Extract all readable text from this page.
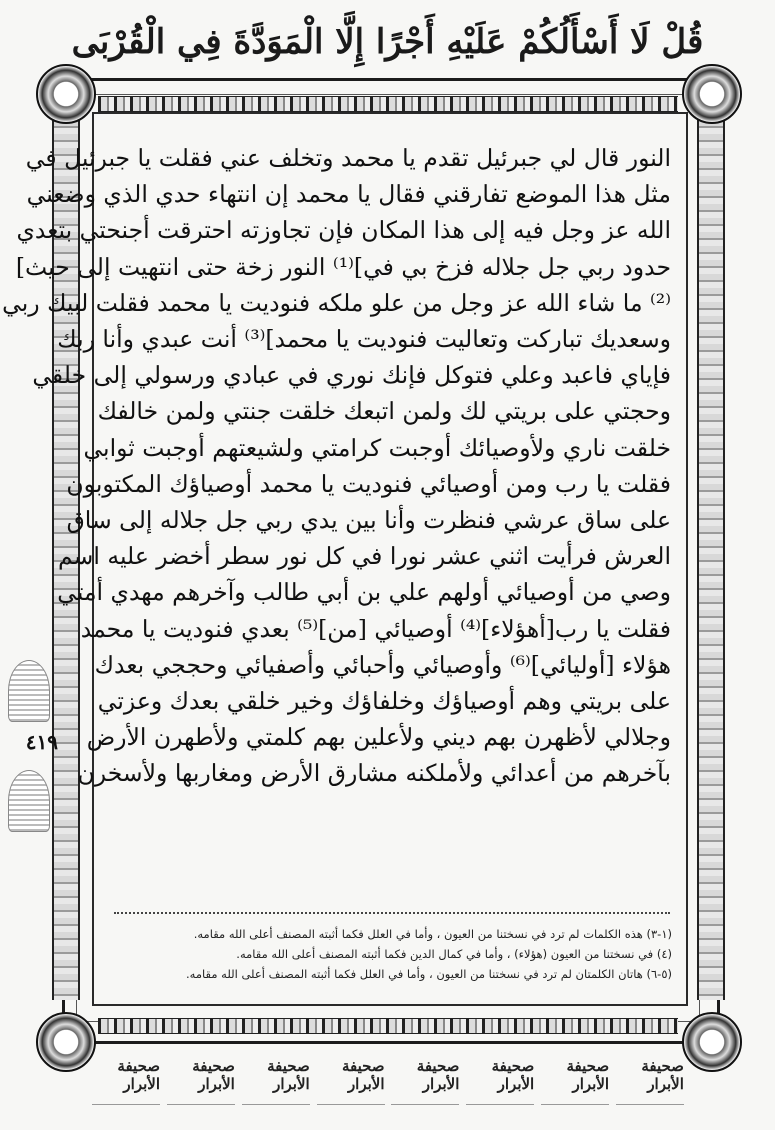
قُلْ لَا أَسْأَلُكُمْ عَلَيْهِ أَجْرًا إِلَّا الْمَوَدَّةَ فِي الْقُرْبَى
٤١٩
النور قال لي جبرئيل تقدم يا محمد وتخلف عني فقلت يا جبرئيل في
مثل هذا الموضع تفارقني فقال يا محمد إن انتهاء حدي الذي وضعني
الله عز وجل فيه إلى هذا المكان فإن تجاوزته احترقت أجنحتي بتعدي
حدود ربي جل جلاله فزخ بي في]⁽¹⁾ النور زخة حتى انتهيت إلى حيث]
⁽²⁾ ما شاء الله عز وجل من علو ملكه فنوديت يا محمد فقلت لبيك ربي
وسعديك تباركت وتعاليت فنوديت يا محمد]⁽³⁾ أنت عبدي وأنا ربك
فإياي فاعبد وعلي فتوكل فإنك نوري في عبادي ورسولي إلى خلقي
وحجتي على بريتي لك ولمن اتبعك خلقت جنتي ولمن خالفك
خلقت ناري ولأوصيائك أوجبت كرامتي ولشيعتهم أوجبت ثوابي
فقلت يا رب ومن أوصيائي فنوديت يا محمد أوصياؤك المكتوبون
على ساق عرشي فنظرت وأنا بين يدي ربي جل جلاله إلى ساق
العرش فرأيت اثني عشر نورا في كل نور سطر أخضر عليه اسم
وصي من أوصيائي أولهم علي بن أبي طالب وآخرهم مهدي أمتي
فقلت يا رب[أهؤلاء]⁽⁴⁾ أوصيائي [من]⁽⁵⁾ بعدي فنوديت يا محمد
هؤلاء [أوليائي]⁽⁶⁾ وأوصيائي وأحبائي وأصفيائي وحججي بعدك
على بريتي وهم أوصياؤك وخلفاؤك وخير خلقي بعدك وعزتي
وجلالي لأظهرن بهم ديني ولأعلين بهم كلمتي ولأطهرن الأرض
بآخرهم من أعدائي ولأملكنه مشارق الأرض ومغاربها ولأسخرن
(١-٣) هذه الكلمات لم ترد في نسختنا من العيون ، وأما في العلل فكما أثبته المصنف أعلى الله مقامه.
(٤) في نسختنا من العيون (هؤلاء) ، وأما في كمال الدين فكما أثبته المصنف أعلى الله مقامه.
(٥-٦) هاتان الكلمتان لم ترد في نسختنا من العيون ، وأما في العلل فكما أثبته المصنف أعلى الله مقامه.
صحيفة الأبرار
صحيفة الأبرار
صحيفة الأبرار
صحيفة الأبرار
صحيفة الأبرار
صحيفة الأبرار
صحيفة الأبرار
صحيفة الأبرار
